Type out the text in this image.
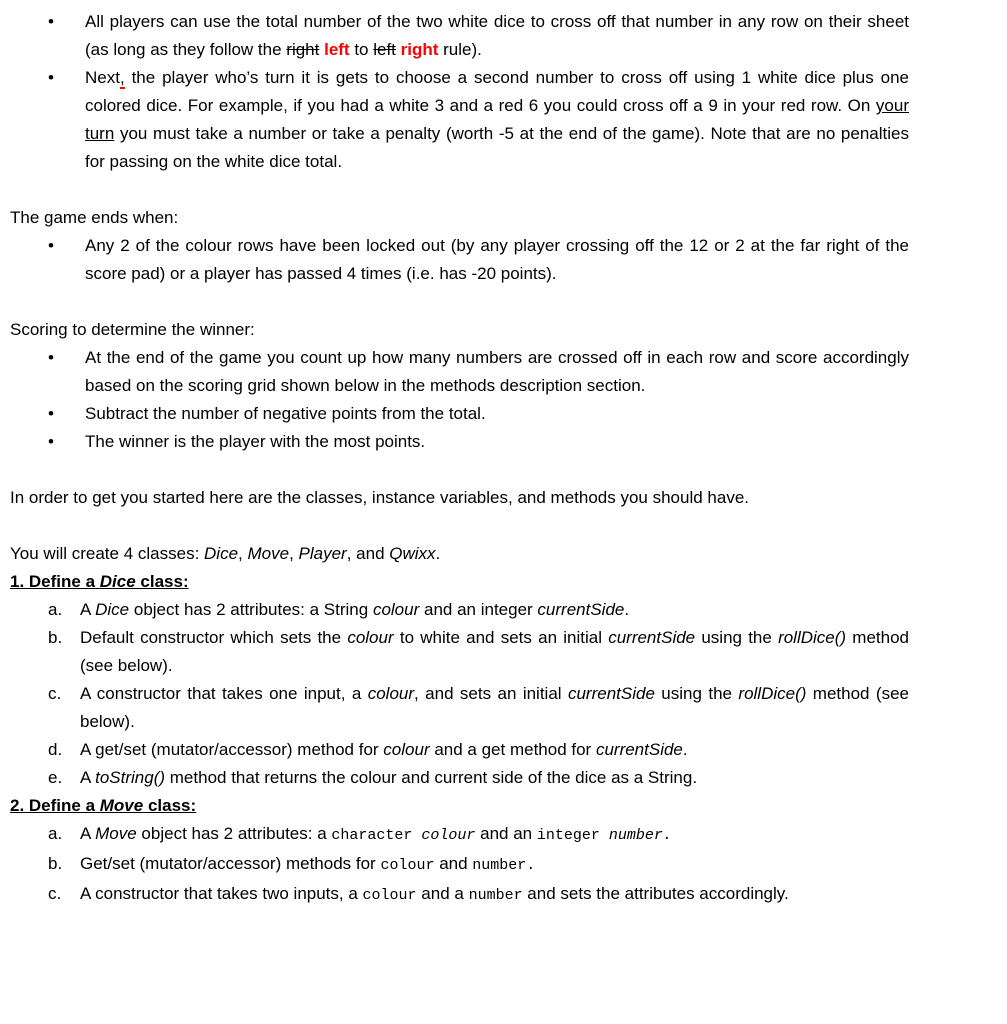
•	All players can use the total number of the two white dice to cross off that number in any row on their sheet (as long as they follow the right left to left right rule).

•	Next, the player who’s turn it is gets to choose a second number to cross off using 1 white dice plus one colored dice. For example, if you had a white 3 and a red 6 you could cross off a 9 in your red row. On your turn you must take a number or take a penalty (worth -5 at the end of the game). Note that are no penalties for passing on the white dice total.

The game ends when:

•	Any 2 of the colour rows have been locked out (by any player crossing off the 12 or 2 at the far right of the score pad) or a player has passed 4 times (i.e. has -20 points).

Scoring to determine the winner:

•	At the end of the game you count up how many numbers are crossed off in each row and score accordingly based on the scoring grid shown below in the methods description section.

•	Subtract the number of negative points from the total.

•	The winner is the player with the most points.

In order to get you started here are the classes, instance variables, and methods you should have.

You will create 4 classes: Dice, Move, Player, and Qwixx.

1. Define a Dice class:

a.	A Dice object has 2 attributes: a String colour and an integer currentSide.

b.	Default constructor which sets the colour to white and sets an initial currentSide using the rollDice() method (see below).

c.	A constructor that takes one input, a colour, and sets an initial currentSide using the rollDice() method (see below).

d.	A get/set (mutator/accessor) method for colour and a get method for currentSide.

e.	A toString() method that returns the colour and current side of the dice as a String.

2. Define a Move class:

a.	A Move object has 2 attributes: a character colour and an integer number.

b.	Get/set (mutator/accessor) methods for colour and number.

c.	A constructor that takes two inputs, a colour and a number and sets the attributes accordingly.
